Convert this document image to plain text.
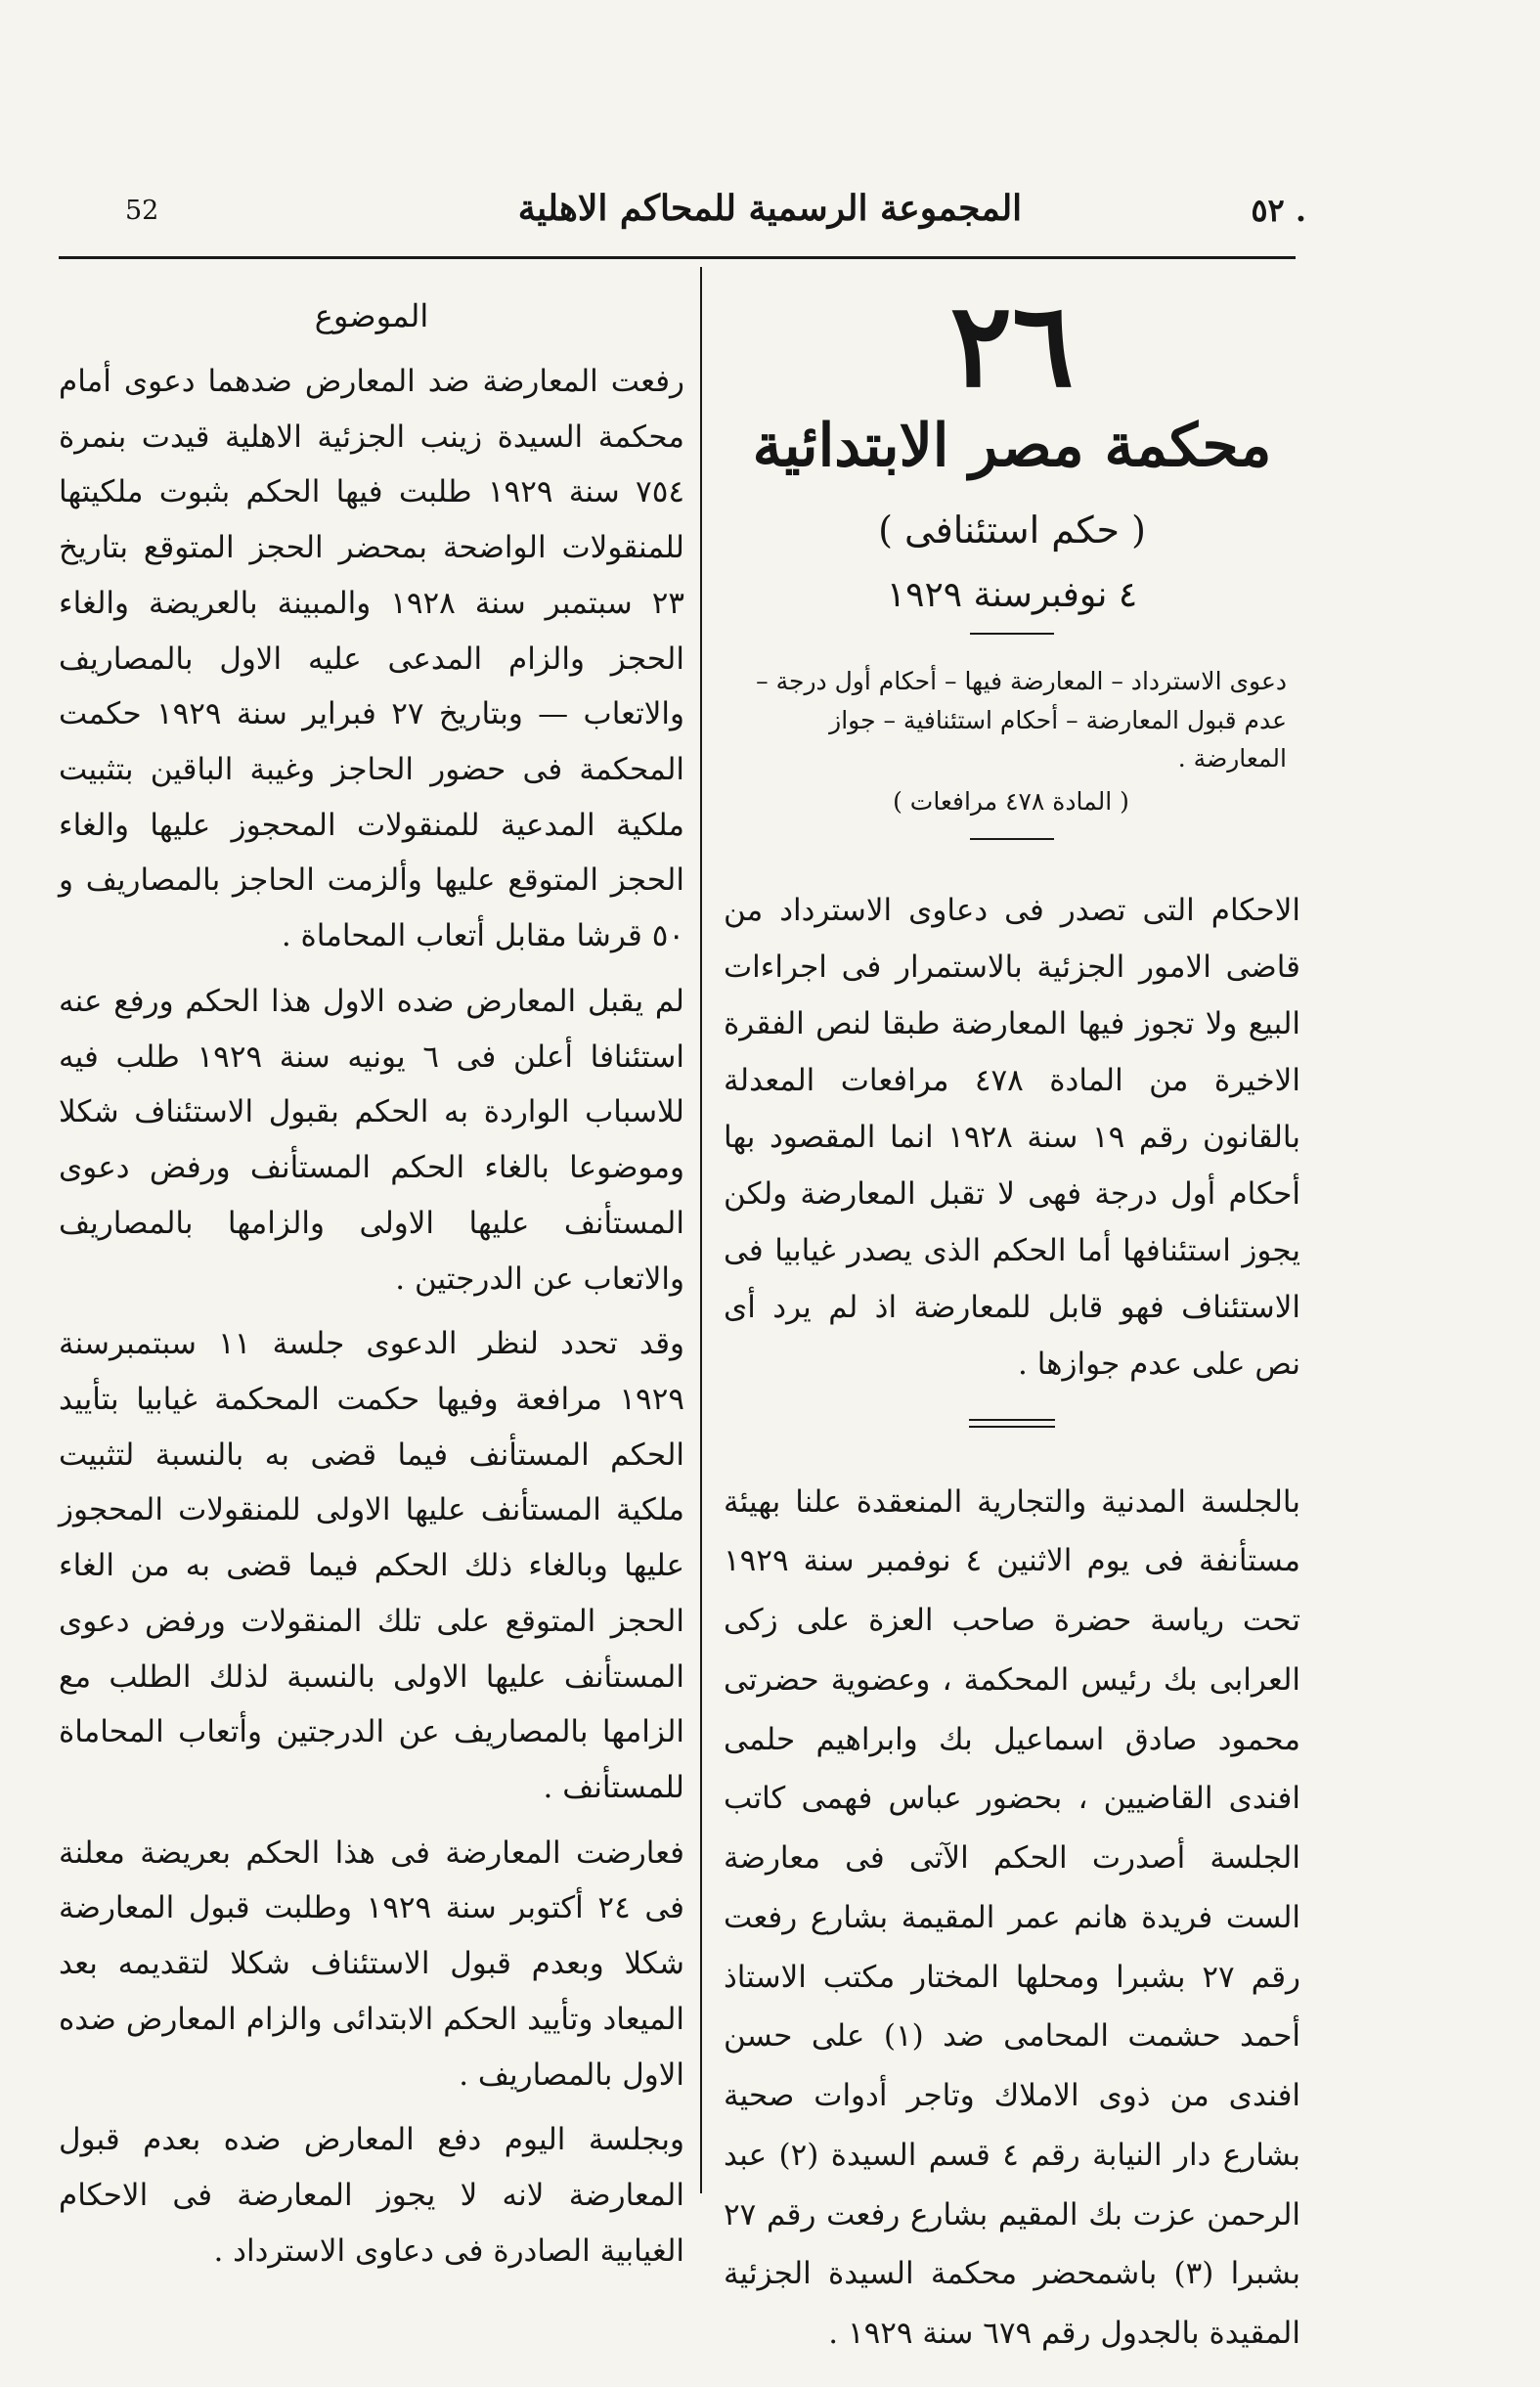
52	المجموعة الرسمية للمحاكم الاهلية	. ٥٢
٢٦
محكمة مصر الابتدائية
( حكم استئنافى )
٤ نوفبرسنة ١٩٢٩
دعوى الاسترداد – المعارضة فيها – أحكام أول درجة – عدم قبول المعارضة – أحكام استئنافية – جواز المعارضة .
( المادة ٤٧٨ مرافعات )

الاحكام التى تصدر فى دعاوى الاسترداد من قاضى الامور الجزئية بالاستمرار فى اجراءات البيع ولا تجوز فيها المعارضة طبقا لنص الفقرة الاخيرة من المادة ٤٧٨ مرافعات المعدلة بالقانون رقم ١٩ سنة ١٩٢٨ انما المقصود بها أحكام أول درجة فهى لا تقبل المعارضة ولكن يجوز استئنافها أما الحكم الذى يصدر غيابيا فى الاستئناف فهو قابل للمعارضة اذ لم يرد أى نص على عدم جوازها .

بالجلسة المدنية والتجارية المنعقدة علنا بهيئة مستأنفة فى يوم الاثنين ٤ نوفمبر سنة ١٩٢٩ تحت رياسة حضرة صاحب العزة على زكى العرابى بك رئيس المحكمة ، وعضوية حضرتى محمود صادق اسماعيل بك وابراهيم حلمى افندى القاضيين ، بحضور عباس فهمى كاتب الجلسة أصدرت الحكم الآتى فى معارضة الست فريدة هانم عمر المقيمة بشارع رفعت رقم ٢٧ بشبرا ومحلها المختار مكتب الاستاذ أحمد حشمت المحامى ضد (١) على حسن افندى من ذوى الاملاك وتاجر أدوات صحية بشارع دار النيابة رقم ٤ قسم السيدة (٢) عبد الرحمن عزت بك المقيم بشارع رفعت رقم ٢٧ بشبرا (٣) باشمحضر محكمة السيدة الجزئية المقيدة بالجدول رقم ٦٧٩ سنة ١٩٢٩ .

الموضوع

رفعت المعارضة ضد المعارض ضدهما دعوى أمام محكمة السيدة زينب الجزئية الاهلية قيدت بنمرة ٧٥٤ سنة ١٩٢٩ طلبت فيها الحكم بثبوت ملكيتها للمنقولات الواضحة بمحضر الحجز المتوقع بتاريخ ٢٣ سبتمبر سنة ١٩٢٨ والمبينة بالعريضة والغاء الحجز والزام المدعى عليه الاول بالمصاريف والاتعاب — وبتاريخ ٢٧ فبراير سنة ١٩٢٩ حكمت المحكمة فى حضور الحاجز وغيبة الباقين بتثبيت ملكية المدعية للمنقولات المحجوز عليها والغاء الحجز المتوقع عليها وألزمت الحاجز بالمصاريف و ٥٠ قرشا مقابل أتعاب المحاماة .

لم يقبل المعارض ضده الاول هذا الحكم ورفع عنه استئنافا أعلن فى ٦ يونيه سنة ١٩٢٩ طلب فيه للاسباب الواردة به الحكم بقبول الاستئناف شكلا وموضوعا بالغاء الحكم المستأنف ورفض دعوى المستأنف عليها الاولى والزامها بالمصاريف والاتعاب عن الدرجتين .

وقد تحدد لنظر الدعوى جلسة ١١ سبتمبرسنة ١٩٢٩ مرافعة وفيها حكمت المحكمة غيابيا بتأييد الحكم المستأنف فيما قضى به بالنسبة لتثبيت ملكية المستأنف عليها الاولى للمنقولات المحجوز عليها وبالغاء ذلك الحكم فيما قضى به من الغاء الحجز المتوقع على تلك المنقولات ورفض دعوى المستأنف عليها الاولى بالنسبة لذلك الطلب مع الزامها بالمصاريف عن الدرجتين وأتعاب المحاماة للمستأنف .

فعارضت المعارضة فى هذا الحكم بعريضة معلنة فى ٢٤ أكتوبر سنة ١٩٢٩ وطلبت قبول المعارضة شكلا وبعدم قبول الاستئناف شكلا لتقديمه بعد الميعاد وتأييد الحكم الابتدائى والزام المعارض ضده الاول بالمصاريف .

وبجلسة اليوم دفع المعارض ضده بعدم قبول المعارضة لانه لا يجوز المعارضة فى الاحكام الغيابية الصادرة فى دعاوى الاسترداد .
